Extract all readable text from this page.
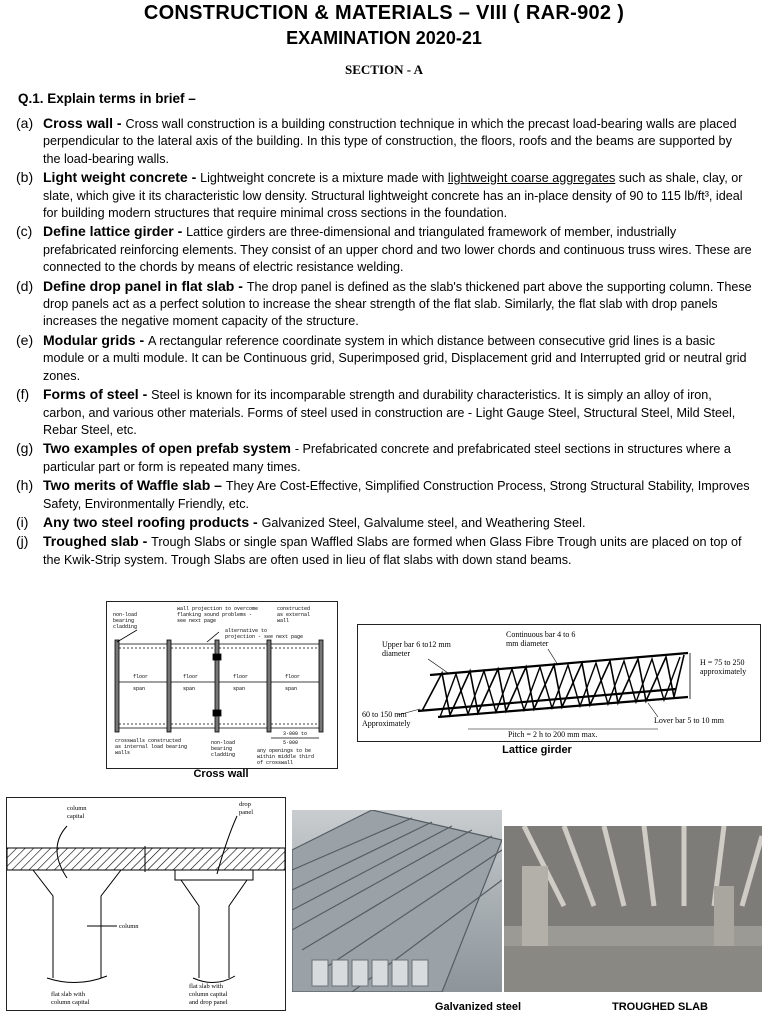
CONSTRUCTION & MATERIALS – VIII ( RAR-902 )
EXAMINATION 2020-21
SECTION - A
Q.1. Explain terms in brief –
(a) Cross wall - Cross wall construction is a building construction technique in which the precast load-bearing walls are placed perpendicular to the lateral axis of the building. In this type of construction, the floors, roofs and the beams are supported by the load-bearing walls.
(b) Light weight concrete - Lightweight concrete is a mixture made with lightweight coarse aggregates such as shale, clay, or slate, which give it its characteristic low density. Structural lightweight concrete has an in-place density of 90 to 115 lb/ft³, ideal for building modern structures that require minimal cross sections in the foundation.
(c) Define lattice girder - Lattice girders are three-dimensional and triangulated framework of member, industrially prefabricated reinforcing elements. They consist of an upper chord and two lower chords and continuous truss wires. These are connected to the chords by means of electric resistance welding.
(d) Define drop panel in flat slab - The drop panel is defined as the slab's thickened part above the supporting column. These drop panels act as a perfect solution to increase the shear strength of the flat slab. Similarly, the flat slab with drop panels increases the negative moment capacity of the structure.
(e) Modular grids - A rectangular reference coordinate system in which distance between consecutive grid lines is a basic module or a multi module. It can be Continuous grid, Superimposed grid, Displacement grid and Interrupted grid or neutral grid zones.
(f) Forms of steel - Steel is known for its incomparable strength and durability characteristics. It is simply an alloy of iron, carbon, and various other materials. Forms of steel used in construction are - Light Gauge Steel, Structural Steel, Mild Steel, Rebar Steel, etc.
(g) Two examples of open prefab system - Prefabricated concrete and prefabricated steel sections in structures where a particular part or form is repeated many times.
(h) Two merits of Waffle slab – They Are Cost-Effective, Simplified Construction Process, Strong Structural Stability, Improves Safety, Environmentally Friendly, etc.
(i) Any two steel roofing products - Galvanized Steel, Galvalume steel, and Weathering Steel.
(j) Troughed slab - Trough Slabs or single span Waffled Slabs are formed when Glass Fibre Trough units are placed on top of the Kwik-Strip system. Trough Slabs are often used in lieu of flat slabs with down stand beams.
non-load
bearing
cladding
wall projection to overcome
flanking sound problems -
see next page
constructed
as external
wall
alternative to
projection - see next page
floor
span
floor
span
floor
span
floor
span
crosswalls constructed
as internal load bearing
walls
non-load
bearing
cladding
3·000 to
5·000
any openings to be
within middle third
of crosswall
Cross wall
Upper bar 6 to12 mm
diameter
Continuous bar 4 to 6
mm diameter
H = 75 to 250
approximately
60 to 150 mm
Approximately	Lover bar 5 to 10 mm
Pitch = 2 h to 200 mm max.
Lattice girder
column
capital
drop
panel
column
flat slab with
column capital
flat slab with
column capital
and drop panel	Galvanized steel	TROUGHED SLAB
